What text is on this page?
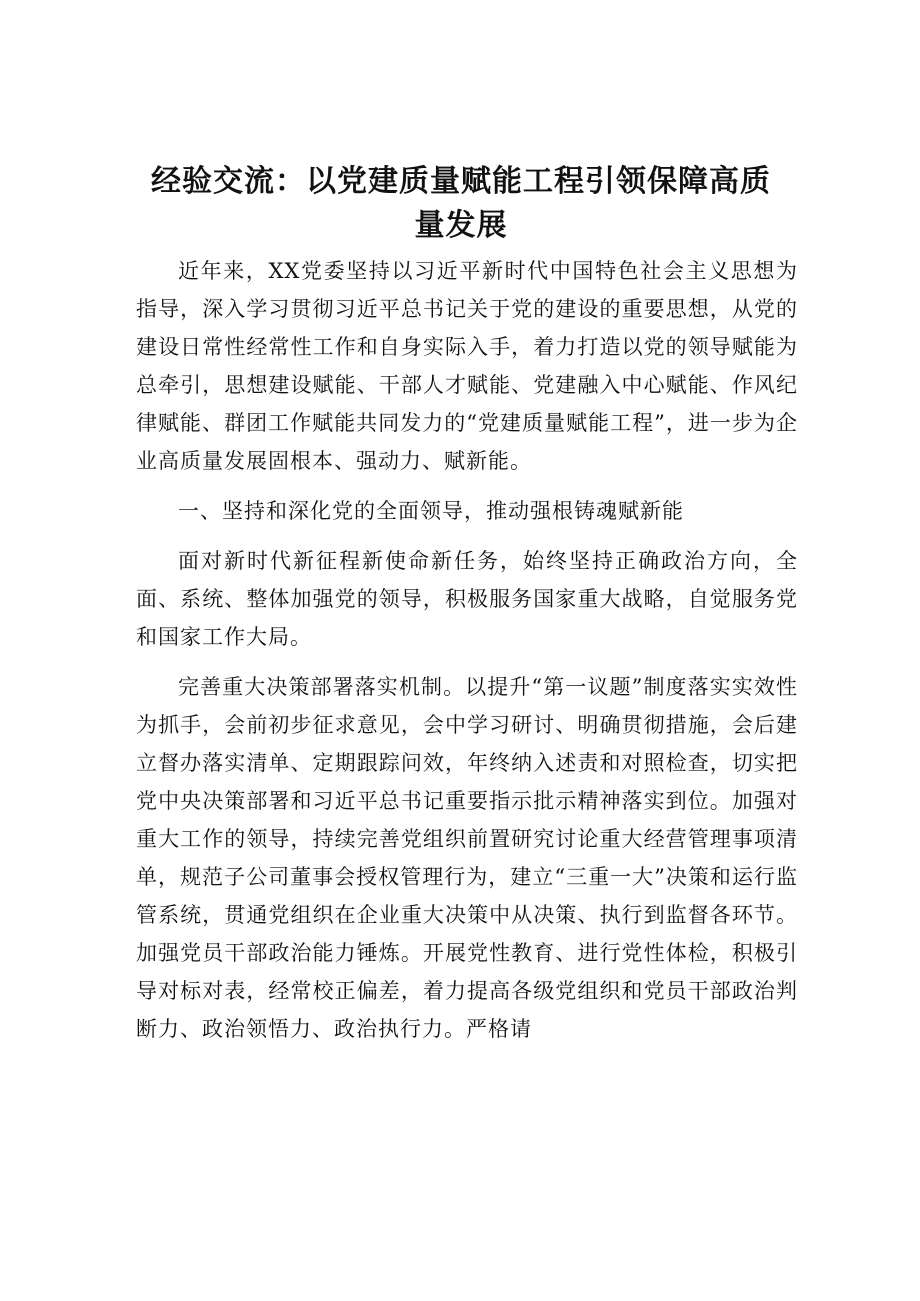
经验交流：以党建质量赋能工程引领保障高质量发展

近年来，XX党委坚持以习近平新时代中国特色社会主义思想为指导，深入学习贯彻习近平总书记关于党的建设的重要思想，从党的建设日常性经常性工作和自身实际入手，着力打造以党的领导赋能为总牵引，思想建设赋能、干部人才赋能、党建融入中心赋能、作风纪律赋能、群团工作赋能共同发力的“党建质量赋能工程”，进一步为企业高质量发展固根本、强动力、赋新能。

一、坚持和深化党的全面领导，推动强根铸魂赋新能

面对新时代新征程新使命新任务，始终坚持正确政治方向，全面、系统、整体加强党的领导，积极服务国家重大战略，自觉服务党和国家工作大局。

完善重大决策部署落实机制。以提升“第一议题”制度落实实效性为抓手，会前初步征求意见，会中学习研讨、明确贯彻措施，会后建立督办落实清单、定期跟踪问效，年终纳入述责和对照检查，切实把党中央决策部署和习近平总书记重要指示批示精神落实到位。加强对重大工作的领导，持续完善党组织前置研究讨论重大经营管理事项清单，规范子公司董事会授权管理行为，建立“三重一大”决策和运行监管系统，贯通党组织在企业重大决策中从决策、执行到监督各环节。加强党员干部政治能力锤炼。开展党性教育、进行党性体检，积极引导对标对表，经常校正偏差，着力提高各级党组织和党员干部政治判断力、政治领悟力、政治执行力。严格请
